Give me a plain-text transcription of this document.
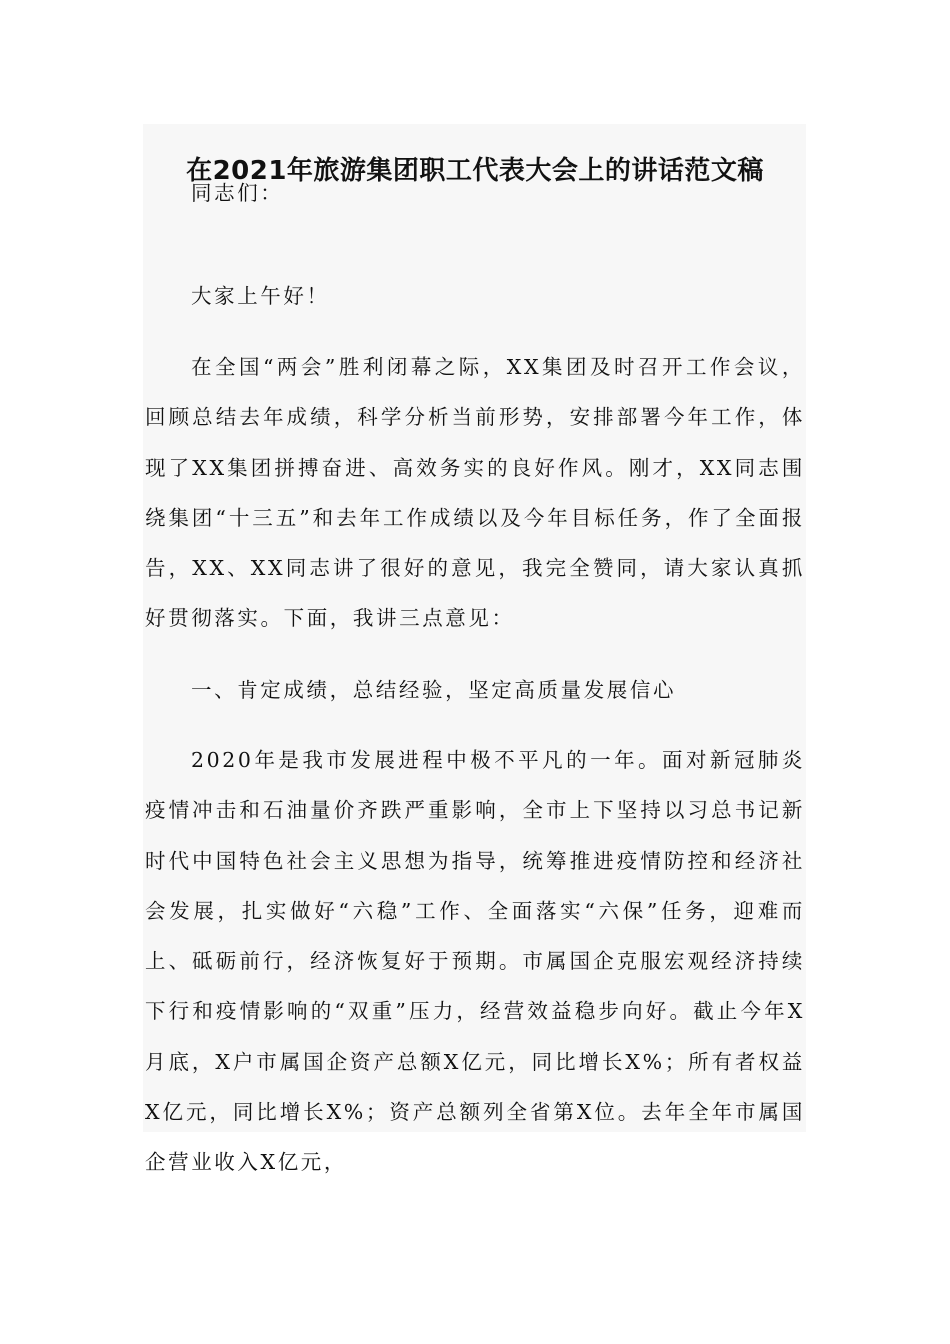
在2021年旅游集团职工代表大会上的讲话范文稿

同志们：

大家上午好！

在全国“两会”胜利闭幕之际，XX集团及时召开工作会议，回顾总结去年成绩，科学分析当前形势，安排部署今年工作，体现了XX集团拼搏奋进、高效务实的良好作风。刚才，XX同志围绕集团“十三五”和去年工作成绩以及今年目标任务，作了全面报告，XX、XX同志讲了很好的意见，我完全赞同，请大家认真抓好贯彻落实。下面，我讲三点意见：

一、肯定成绩，总结经验，坚定高质量发展信心

2020年是我市发展进程中极不平凡的一年。面对新冠肺炎疫情冲击和石油量价齐跌严重影响，全市上下坚持以习总书记新时代中国特色社会主义思想为指导，统筹推进疫情防控和经济社会发展，扎实做好“六稳”工作、全面落实“六保”任务，迎难而上、砥砺前行，经济恢复好于预期。市属国企克服宏观经济持续下行和疫情影响的“双重”压力，经营效益稳步向好。截止今年X月底，X户市属国企资产总额X亿元，同比增长X%；所有者权益X亿元，同比增长X%；资产总额列全省第X位。去年全年市属国企营业收入X亿元，
